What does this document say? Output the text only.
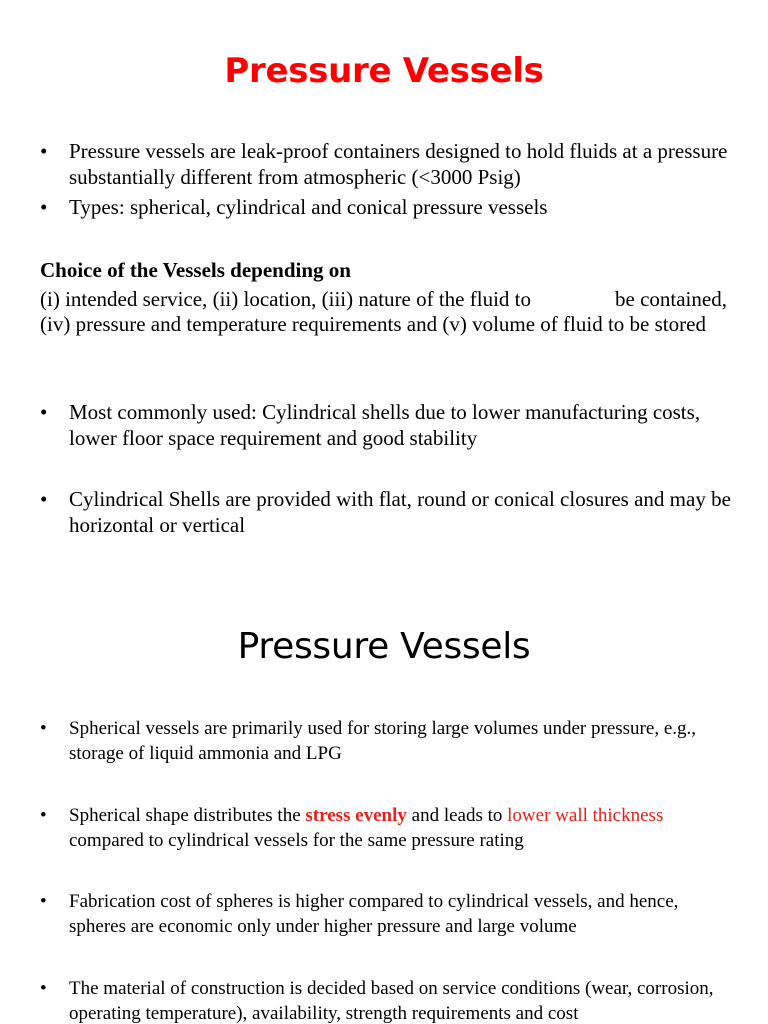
Pressure Vessels
• Pressure vessels are leak-proof containers designed to hold fluids at a pressure substantially different from atmospheric (<3000 Psig)
• Types: spherical, cylindrical and conical pressure vessels
Choice of the Vessels depending on
(i) intended service, (ii) location, (iii) nature of the fluid to	be contained, (iv) pressure and temperature requirements and (v) volume of fluid to be stored
• Most commonly used: Cylindrical shells due to lower manufacturing costs, lower floor space requirement and good stability
• Cylindrical Shells are provided with flat, round or conical closures and may be horizontal or vertical
Pressure Vessels
• Spherical vessels are primarily used for storing large volumes under pressure, e.g., storage of liquid ammonia and LPG
• Spherical shape distributes the stress evenly and leads to lower wall thickness compared to cylindrical vessels for the same pressure rating
• Fabrication cost of spheres is higher compared to cylindrical vessels, and hence, spheres are economic only under higher pressure and large volume
• The material of construction is decided based on service conditions (wear, corrosion, operating temperature), availability, strength requirements and cost
